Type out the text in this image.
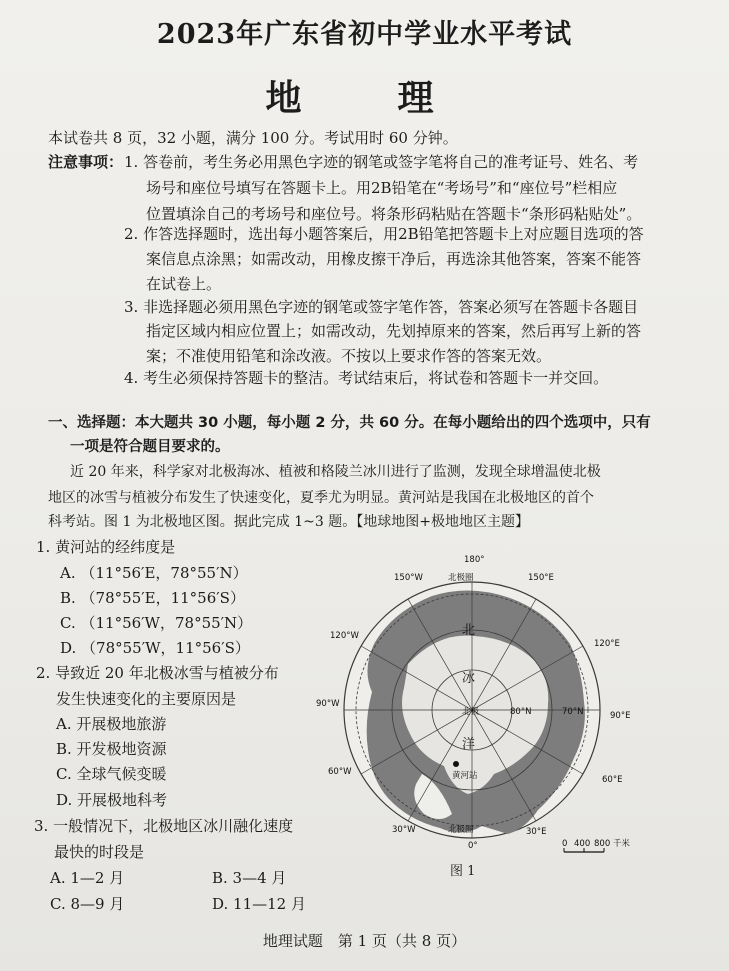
2023年广东省初中学业水平考试
地　理
本试卷共 8 页，32 小题，满分 100 分。考试用时 60 分钟。
注意事项： 1. 答卷前，考生务必用黑色字迹的钢笔或签字笔将自己的准考证号、姓名、考
场号和座位号填写在答题卡上。用2B铅笔在“考场号”和“座位号”栏相应
位置填涂自己的考场号和座位号。将条形码粘贴在答题卡“条形码粘贴处”。
2. 作答选择题时，选出每小题答案后，用2B铅笔把答题卡上对应题目选项的答
案信息点涂黑；如需改动，用橡皮擦干净后，再选涂其他答案，答案不能答
在试卷上。
3. 非选择题必须用黑色字迹的钢笔或签字笔作答，答案必须写在答题卡各题目
指定区域内相应位置上；如需改动，先划掉原来的答案，然后再写上新的答
案；不准使用铅笔和涂改液。不按以上要求作答的答案无效。
4. 考生必须保持答题卡的整洁。考试结束后，将试卷和答题卡一并交回。
一、选择题：本大题共 30 小题，每小题 2 分，共 60 分。在每小题给出的四个选项中，只有
一项是符合题目要求的。
近 20 年来，科学家对北极海冰、植被和格陵兰冰川进行了监测，发现全球增温使北极
地区的冰雪与植被分布发生了快速变化，夏季尤为明显。黄河站是我国在北极地区的首个
科考站。图 1 为北极地区图。据此完成 1~3 题。【地球地图+极地地区主题】
1. 黄河站的经纬度是
A. （11°56′E，78°55′N）
B. （78°55′E，11°56′S）
C. （11°56′W，78°55′N）
D. （78°55′W，11°56′S）
2. 导致近 20 年北极冰雪与植被分布
发生快速变化的主要原因是
A. 开展极地旅游
B. 开发极地资源
C. 全球气候变暖
D. 开展极地科考
3. 一般情况下，北极地区冰川融化速度
最快的时段是
A. 1—2 月	B. 3—4 月
C. 8—9 月	D. 11—12 月
180°
150°W	150°E
120°W
120°E
90°W
90°E
60°W
60°E
30°W	30°E
0°
北极圈
北极圈
北极	80°N	70°N
黄河站
0 400 800 千米
北
冰
洋
图 1
地理试题　第 1 页（共 8 页）
